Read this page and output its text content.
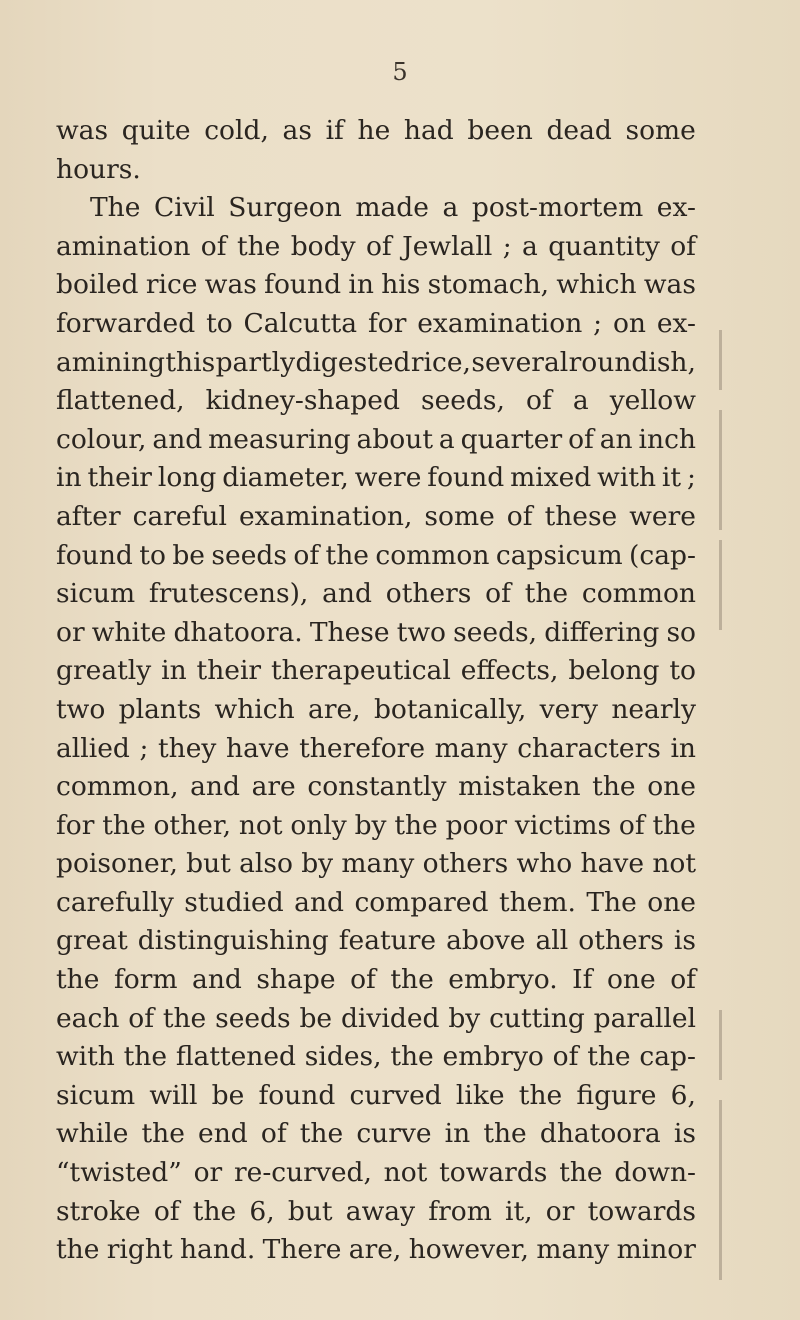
5
was quite cold, as if he had been dead some
hours.
The Civil Surgeon made a post-mortem ex-
amination of the body of Jewlall ; a quantity of
boiled rice was found in his stomach, which was
forwarded to Calcutta for examination ; on ex-
amining this partly digested rice, several roundish,
flattened, kidney-shaped seeds, of a yellow
colour, and measuring about a quarter of an inch
in their long diameter, were found mixed with it ;
after careful examination, some of these were
found to be seeds of the common capsicum (cap-
sicum frutescens), and others of the common
or white dhatoora. These two seeds, differing so
greatly in their therapeutical effects, belong to
two plants which are, botanically, very nearly
allied ; they have therefore many characters in
common, and are constantly mistaken the one
for the other, not only by the poor victims of the
poisoner, but also by many others who have not
carefully studied and compared them. The one
great distinguishing feature above all others is
the form and shape of the embryo. If one of
each of the seeds be divided by cutting parallel
with the flattened sides, the embryo of the cap-
sicum will be found curved like the figure 6,
while the end of the curve in the dhatoora is
“twisted” or re-curved, not towards the down-
stroke of the 6, but away from it, or towards
the right hand. There are, however, many minor
